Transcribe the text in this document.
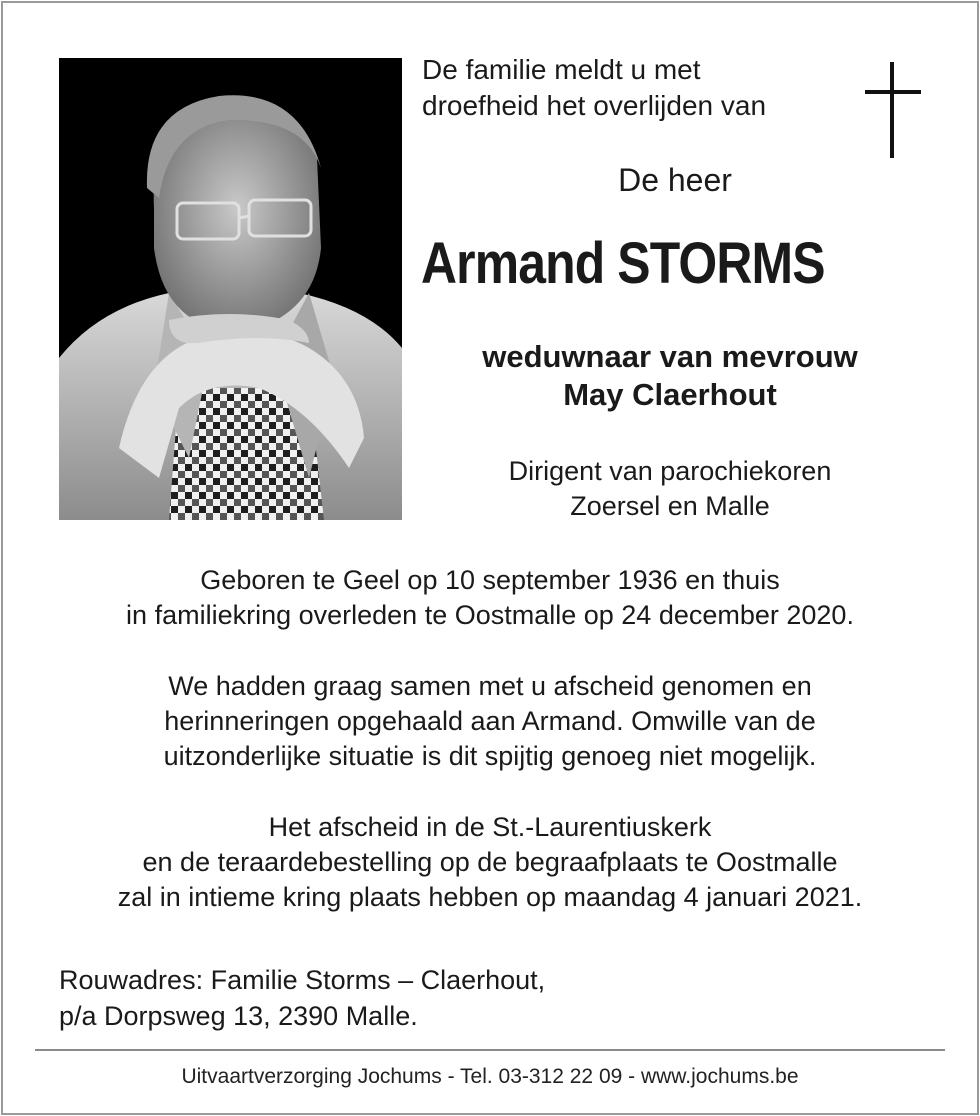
De familie meldt u met
droefheid het overlijden van
De heer
Armand STORMS
weduwnaar van mevrouw
May Claerhout
Dirigent van parochiekoren
Zoersel en Malle
Geboren te Geel op 10 september 1936 en thuis
in familiekring overleden te Oostmalle op 24 december 2020.
We hadden graag samen met u afscheid genomen en
herinneringen opgehaald aan Armand. Omwille van de
uitzonderlijke situatie is dit spijtig genoeg niet mogelijk.
Het afscheid in de St.-Laurentiuskerk
en de teraardebestelling op de begraafplaats te Oostmalle
zal in intieme kring plaats hebben op maandag 4 januari 2021.
Rouwadres: Familie Storms – Claerhout,
p/a Dorpsweg 13, 2390 Malle.
Uitvaartverzorging Jochums - Tel. 03-312 22 09 - www.jochums.be
